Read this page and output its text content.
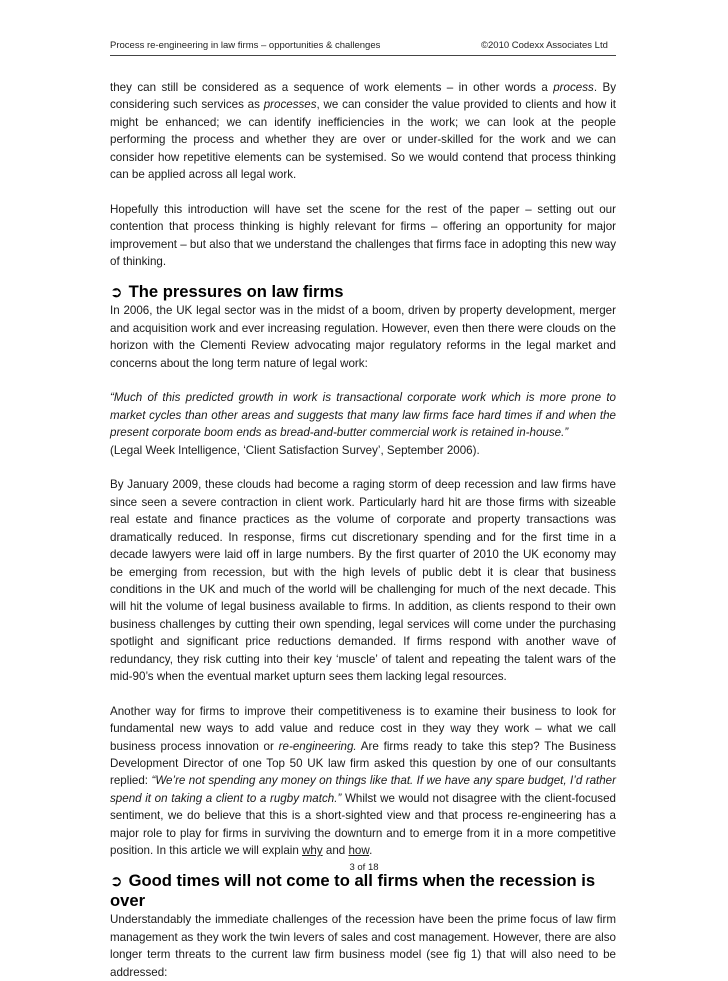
Process re-engineering in law firms – opportunities & challenges	©2010 Codexx Associates Ltd

they can still be considered as a sequence of work elements – in other words a process. By considering such services as processes, we can consider the value provided to clients and how it might be enhanced; we can identify inefficiencies in the work; we can look at the people performing the process and whether they are over or under-skilled for the work and we can consider how repetitive elements can be systemised. So we would contend that process thinking can be applied across all legal work.

Hopefully this introduction will have set the scene for the rest of the paper – setting out our contention that process thinking is highly relevant for firms – offering an opportunity for major improvement – but also that we understand the challenges that firms face in adopting this new way of thinking.

➲ The pressures on law firms

In 2006, the UK legal sector was in the midst of a boom, driven by property development, merger and acquisition work and ever increasing regulation. However, even then there were clouds on the horizon with the Clementi Review advocating major regulatory reforms in the legal market and concerns about the long term nature of legal work:

“Much of this predicted growth in work is transactional corporate work which is more prone to market cycles than other areas and suggests that many law firms face hard times if and when the present corporate boom ends as bread-and-butter commercial work is retained in-house.”

(Legal Week Intelligence, ‘Client Satisfaction Survey’, September 2006).

By January 2009, these clouds had become a raging storm of deep recession and law firms have since seen a severe contraction in client work. Particularly hard hit are those firms with sizeable real estate and finance practices as the volume of corporate and property transactions was dramatically reduced. In response, firms cut discretionary spending and for the first time in a decade lawyers were laid off in large numbers. By the first quarter of 2010 the UK economy may be emerging from recession, but with the high levels of public debt it is clear that business conditions in the UK and much of the world will be challenging for much of the next decade. This will hit the volume of legal business available to firms. In addition, as clients respond to their own business challenges by cutting their own spending, legal services will come under the purchasing spotlight and significant price reductions demanded. If firms respond with another wave of redundancy, they risk cutting into their key ‘muscle’ of talent and repeating the talent wars of the mid-90’s when the eventual market upturn sees them lacking legal resources.

Another way for firms to improve their competitiveness is to examine their business to look for fundamental new ways to add value and reduce cost in they way they work – what we call business process innovation or re-engineering. Are firms ready to take this step? The Business Development Director of one Top 50 UK law firm asked this question by one of our consultants replied: “We’re not spending any money on things like that. If we have any spare budget, I’d rather spend it on taking a client to a rugby match.” Whilst we would not disagree with the client-focused sentiment, we do believe that this is a short-sighted view and that process re-engineering has a major role to play for firms in surviving the downturn and to emerge from it in a more competitive position. In this article we will explain why and how.

➲ Good times will not come to all firms when the recession is over

Understandably the immediate challenges of the recession have been the prime focus of law firm management as they work the twin levers of sales and cost management. However, there are also longer term threats to the current law firm business model (see fig 1) that will also need to be addressed:

3 of 18
